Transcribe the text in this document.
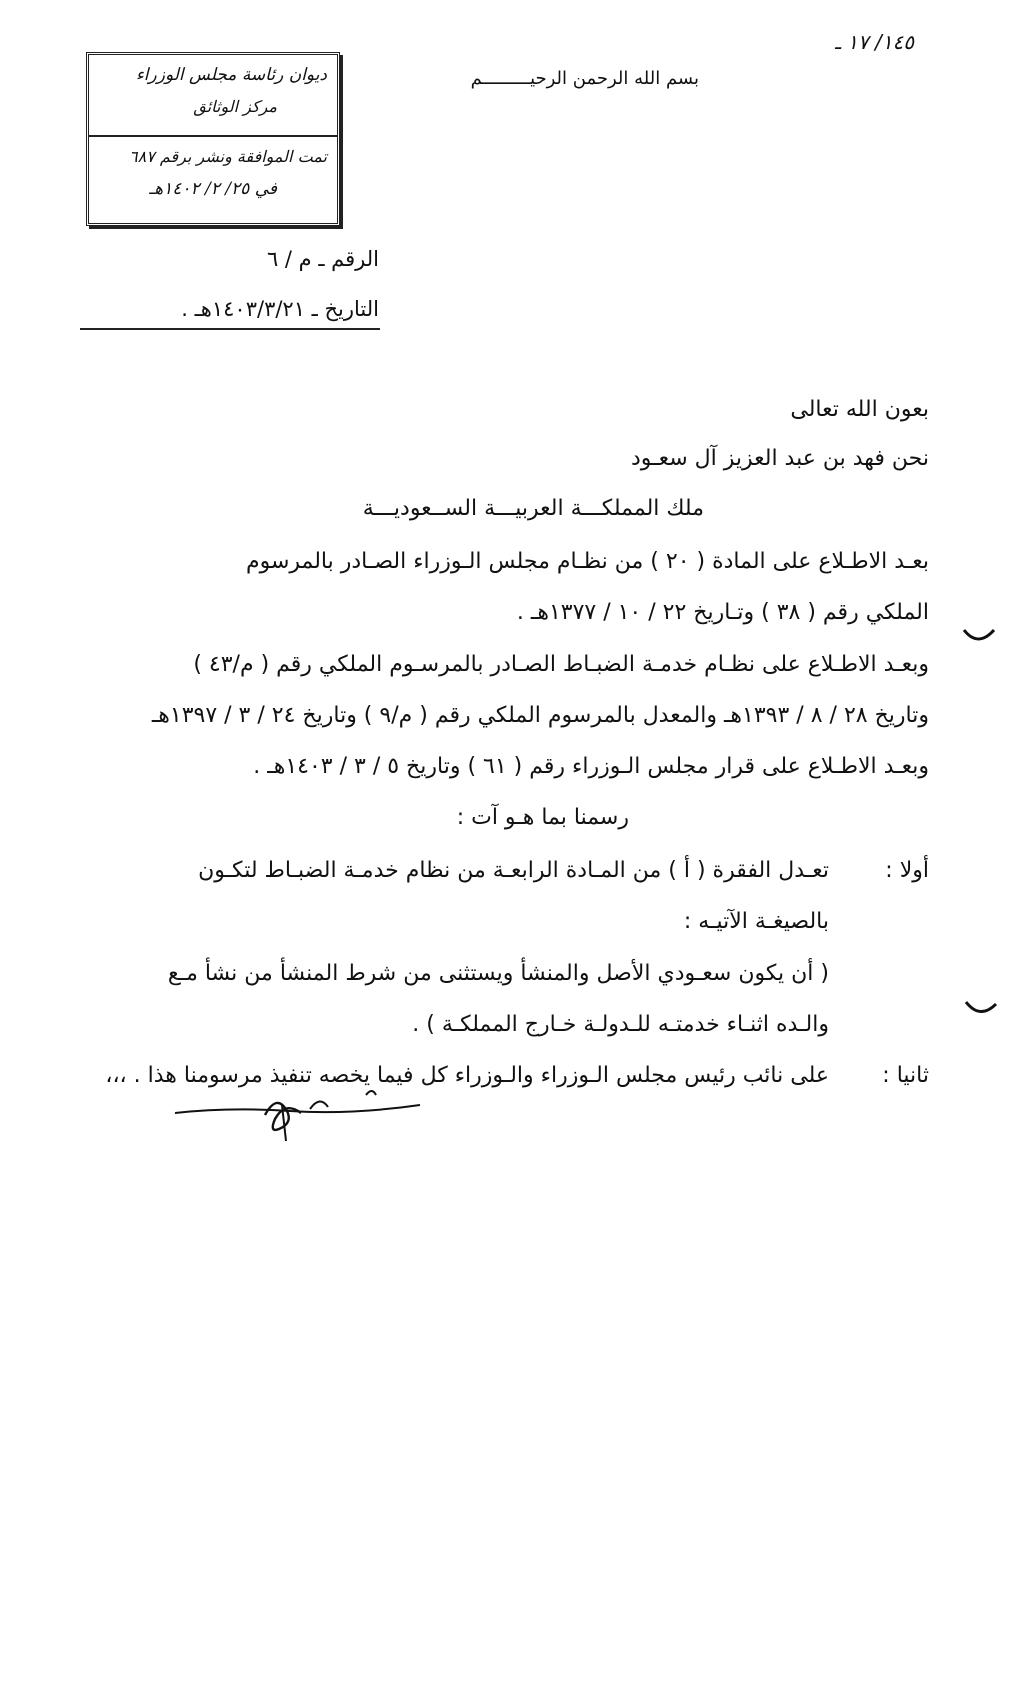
١٤٥/ ١٧ ـ
بسم الله الرحمن الرحيـــــــــم
ديوان رئاسة مجلس الوزراء
مركز الوثائق
تمت الموافقة ونشر برقم ٦٨٧
في ٢٥/ ٢/ ١٤٠٢هـ
الرقم ـ م / ٦
التاريخ ـ ١٤٠٣/٣/٢١هـ .
بعون الله تعالى
نحن فهد بن عبد العزيز آل سعـود
ملك المملكـــة العربيـــة الســعوديـــة
بعـد الاطـلاع على المادة ( ٢٠ ) من نظـام مجلس الـوزراء الصـادر بالمرسوم
الملكي رقم ( ٣٨ ) وتـاريخ ٢٢ / ١٠ / ١٣٧٧هـ .
وبعـد الاطـلاع على نظـام خدمـة الضبـاط الصـادر بالمرسـوم الملكي رقم ( م/٤٣ )
وتاريخ ٢٨ / ٨ / ١٣٩٣هـ والمعدل بالمرسوم الملكي رقم ( م/٩ ) وتاريخ ٢٤ / ٣ / ١٣٩٧هـ
وبعـد الاطـلاع على قرار مجلس الـوزراء رقم ( ٦١ ) وتاريخ ٥ / ٣ / ١٤٠٣هـ .
رسمنا بما هـو آت :
أولا :
تعـدل الفقرة ( أ ) من المـادة الرابعـة من نظام خدمـة الضبـاط لتكـون
بالصيغـة الآتيـه :
( أن يكون سعـودي الأصل والمنشأ ويستثنى من شرط المنشأ من نشأ مـع
والـده اثنـاء خدمتـه للـدولـة خـارج المملكـة ) .
ثانيا :
على نائب رئيس مجلس الـوزراء والـوزراء كل فيما يخصه تنفيذ مرسومنا هذا . ،،،
